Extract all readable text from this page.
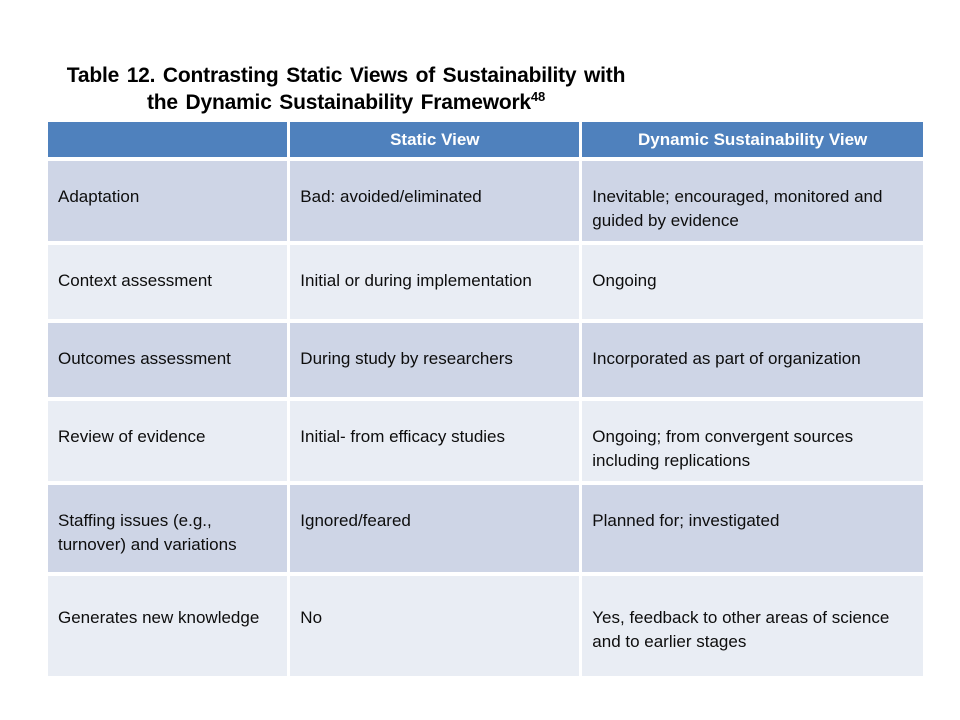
Table 12. Contrasting Static Views of Sustainability with
the Dynamic Sustainability Framework$^{48}$
	Static View	Dynamic Sustainability View
Adaptation	Bad: avoided/eliminated	Inevitable; encouraged, monitored and guided by evidence
Context assessment	Initial or during implementation	Ongoing
Outcomes assessment	During study by researchers	Incorporated as part of organization
Review of evidence	Initial- from efficacy studies	Ongoing; from convergent sources including replications
Staffing issues (e.g., turnover) and variations	Ignored/feared	Planned for; investigated
Generates new knowledge	No	Yes, feedback to other areas of science and to earlier stages
